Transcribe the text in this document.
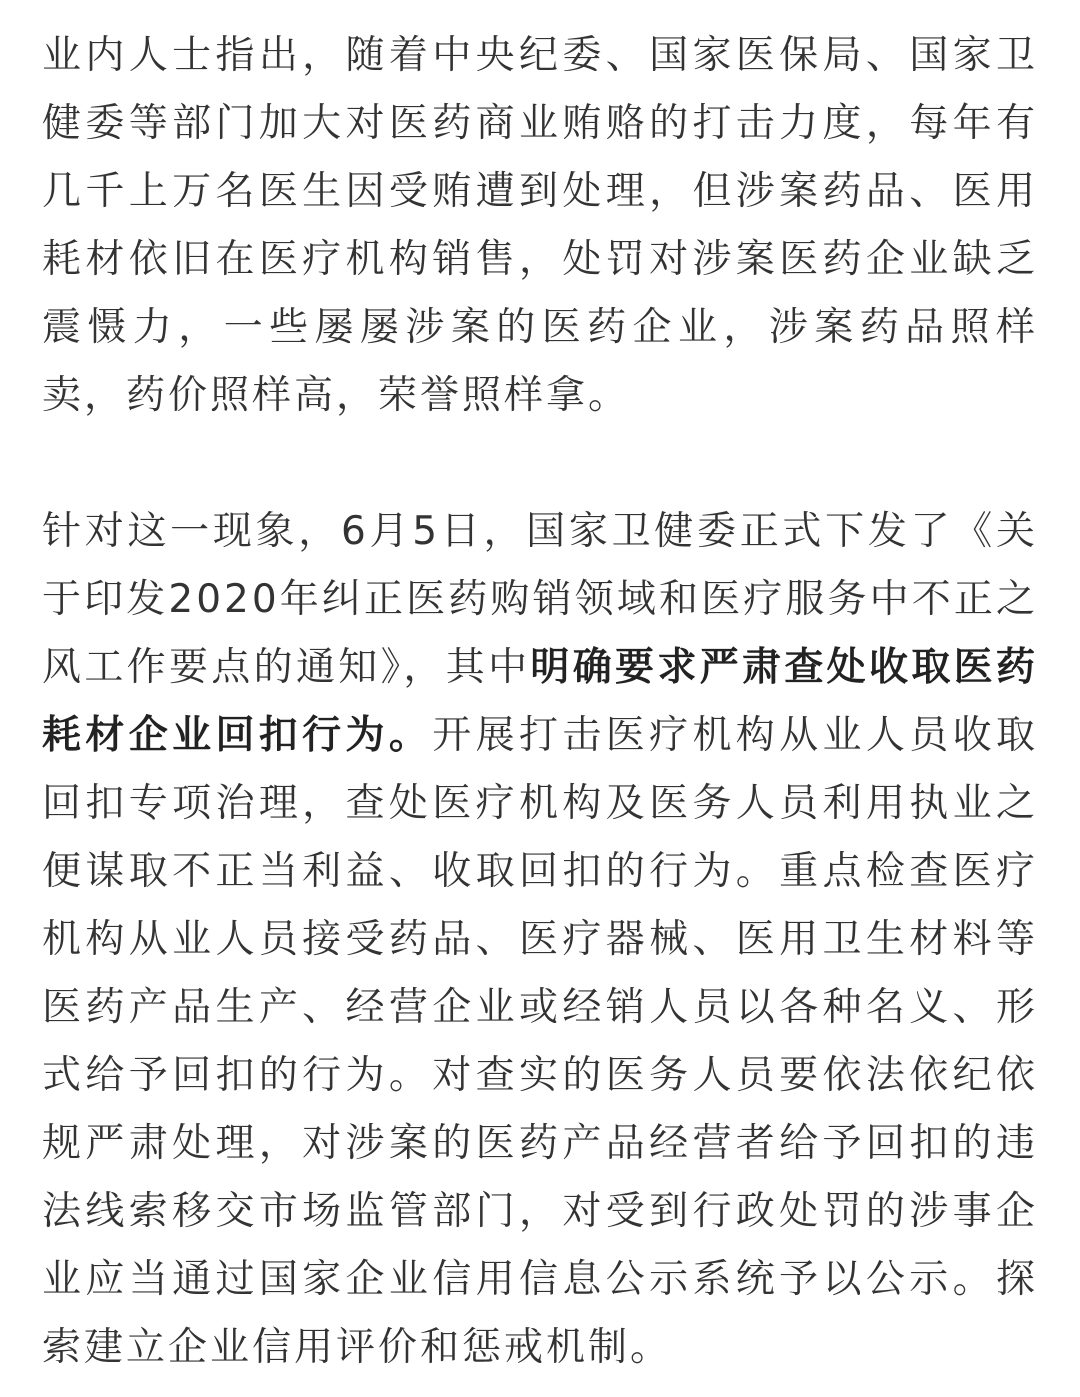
业内人士指出，随着中央纪委、国家医保局、国家卫健委等部门加大对医药商业贿赂的打击力度，每年有几千上万名医生因受贿遭到处理，但涉案药品、医用耗材依旧在医疗机构销售，处罚对涉案医药企业缺乏震慑力，一些屡屡涉案的医药企业，涉案药品照样卖，药价照样高，荣誉照样拿。

针对这一现象，6月5日，国家卫健委正式下发了《关于印发2020年纠正医药购销领域和医疗服务中不正之风工作要点的通知》，其中明确要求严肃查处收取医药耗材企业回扣行为。开展打击医疗机构从业人员收取回扣专项治理，查处医疗机构及医务人员利用执业之便谋取不正当利益、收取回扣的行为。重点检查医疗机构从业人员接受药品、医疗器械、医用卫生材料等医药产品生产、经营企业或经销人员以各种名义、形式给予回扣的行为。对查实的医务人员要依法依纪依规严肃处理，对涉案的医药产品经营者给予回扣的违法线索移交市场监管部门，对受到行政处罚的涉事企业应当通过国家企业信用信息公示系统予以公示。探索建立企业信用评价和惩戒机制。
